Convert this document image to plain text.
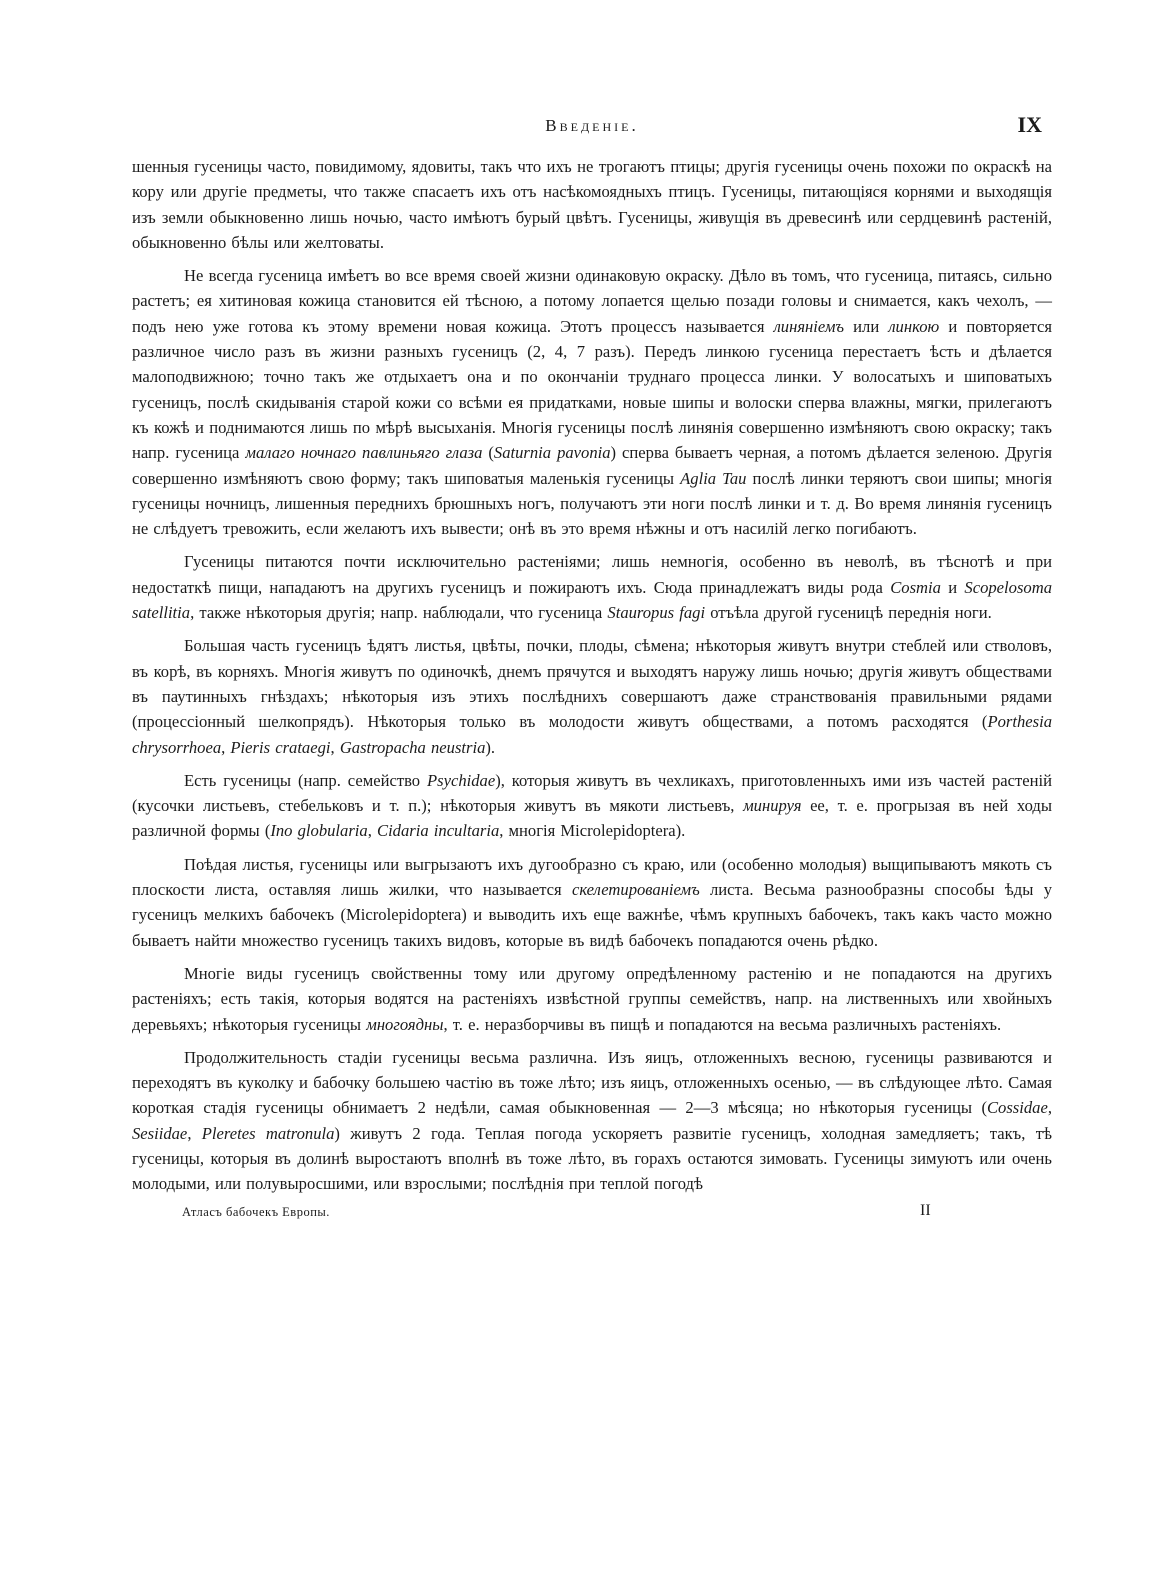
Введеніе.	IX

шенныя гусеницы часто, повидимому, ядовиты, такъ что ихъ не трогаютъ птицы; другія гусеницы очень похожи по окраскѣ на кору или другіе предметы, что также спасаетъ ихъ отъ насѣкомоядныхъ птицъ. Гусеницы, питающіяся корнями и выходящія изъ земли обыкновенно лишь ночью, часто имѣютъ бурый цвѣтъ. Гусеницы, живущія въ древесинѣ или сердцевинѣ растеній, обыкновенно бѣлы или желтоваты.

Не всегда гусеница имѣетъ во все время своей жизни одинаковую окраску. Дѣло въ томъ, что гусеница, питаясь, сильно растетъ; ея хитиновая кожица становится ей тѣсною, а потому лопается щелью позади головы и снимается, какъ чехолъ, — подъ нею уже готова къ этому времени новая кожица. Этотъ процессъ называется линяніемъ или линкою и повторяется различное число разъ въ жизни разныхъ гусеницъ (2, 4, 7 разъ). Передъ линкою гусеница перестаетъ ѣсть и дѣлается малоподвижною; точно такъ же отдыхаетъ она и по окончаніи труднаго процесса линки. У волосатыхъ и шиповатыхъ гусеницъ, послѣ скидыванія старой кожи со всѣми ея придатками, новые шипы и волоски сперва влажны, мягки, прилегаютъ къ кожѣ и поднимаются лишь по мѣрѣ высыханія. Многія гусеницы послѣ линянія совершенно измѣняютъ свою окраску; такъ напр. гусеница малаго ночнаго павлиньяго глаза (Saturnia pavonia) сперва бываетъ черная, а потомъ дѣлается зеленою. Другія совершенно измѣняютъ свою форму; такъ шиповатыя маленькія гусеницы Aglia Tau послѣ линки теряютъ свои шипы; многія гусеницы ночницъ, лишенныя переднихъ брюшныхъ ногъ, получаютъ эти ноги послѣ линки и т. д. Во время линянія гусеницъ не слѣдуетъ тревожить, если желаютъ ихъ вывести; онѣ въ это время нѣжны и отъ насилій легко погибаютъ.

Гусеницы питаются почти исключительно растеніями; лишь немногія, особенно въ неволѣ, въ тѣснотѣ и при недостаткѣ пищи, нападаютъ на другихъ гусеницъ и пожираютъ ихъ. Сюда принадлежатъ виды рода Cosmia и Scopelosoma satellitia, также нѣкоторыя другія; напр. наблюдали, что гусеница Stauropus fagi отъѣла другой гусеницѣ переднія ноги.

Большая часть гусеницъ ѣдятъ листья, цвѣты, почки, плоды, сѣмена; нѣкоторыя живутъ внутри стеблей или стволовъ, въ корѣ, въ корняхъ. Многія живутъ по одиночкѣ, днемъ прячутся и выходятъ наружу лишь ночью; другія живутъ обществами въ паутинныхъ гнѣздахъ; нѣкоторыя изъ этихъ послѣднихъ совершаютъ даже странствованія правильными рядами (процессіонный шелкопрядъ). Нѣкоторыя только въ молодости живутъ обществами, а потомъ расходятся (Porthesia chrysorrhoea, Pieris crataegi, Gastropacha neustria).

Есть гусеницы (напр. семейство Psychidae), которыя живутъ въ чехликахъ, приготовленныхъ ими изъ частей растеній (кусочки листьевъ, стебельковъ и т. п.); нѣкоторыя живутъ въ мякоти листьевъ, минируя ее, т. е. прогрызая въ ней ходы различной формы (Ino globularia, Cidaria incultaria, многія Microlepidoptera).

Поѣдая листья, гусеницы или выгрызаютъ ихъ дугообразно съ краю, или (особенно молодыя) выщипываютъ мякоть съ плоскости листа, оставляя лишь жилки, что называется скелетированіемъ листа. Весьма разнообразны способы ѣды у гусеницъ мелкихъ бабочекъ (Microlepidoptera) и выводить ихъ еще важнѣе, чѣмъ крупныхъ бабочекъ, такъ какъ часто можно бываетъ найти множество гусеницъ такихъ видовъ, которые въ видѣ бабочекъ попадаются очень рѣдко.

Многіе виды гусеницъ свойственны тому или другому опредѣленному растенію и не попадаются на другихъ растеніяхъ; есть такія, которыя водятся на растеніяхъ извѣстной группы семействъ, напр. на лиственныхъ или хвойныхъ деревьяхъ; нѣкоторыя гусеницы многоядны, т. е. неразборчивы въ пищѣ и попадаются на весьма различныхъ растеніяхъ.

Продолжительность стадіи гусеницы весьма различна. Изъ яицъ, отложенныхъ весною, гусеницы развиваются и переходятъ въ куколку и бабочку большею частію въ тоже лѣто; изъ яицъ, отложенныхъ осенью, — въ слѣдующее лѣто. Самая короткая стадія гусеницы обнимаетъ 2 недѣли, самая обыкновенная — 2—3 мѣсяца; но нѣкоторыя гусеницы (Cossidae, Sesiidae, Pleretes matronula) живутъ 2 года. Теплая погода ускоряетъ развитіе гусеницъ, холодная замедляетъ; такъ, тѣ гусеницы, которыя въ долинѣ выростаютъ вполнѣ въ тоже лѣто, въ горахъ остаются зимовать. Гусеницы зимуютъ или очень молодыми, или полувыросшими, или взрослыми; послѣднія при теплой погодѣ

Атласъ бабочекъ Европы.	II
